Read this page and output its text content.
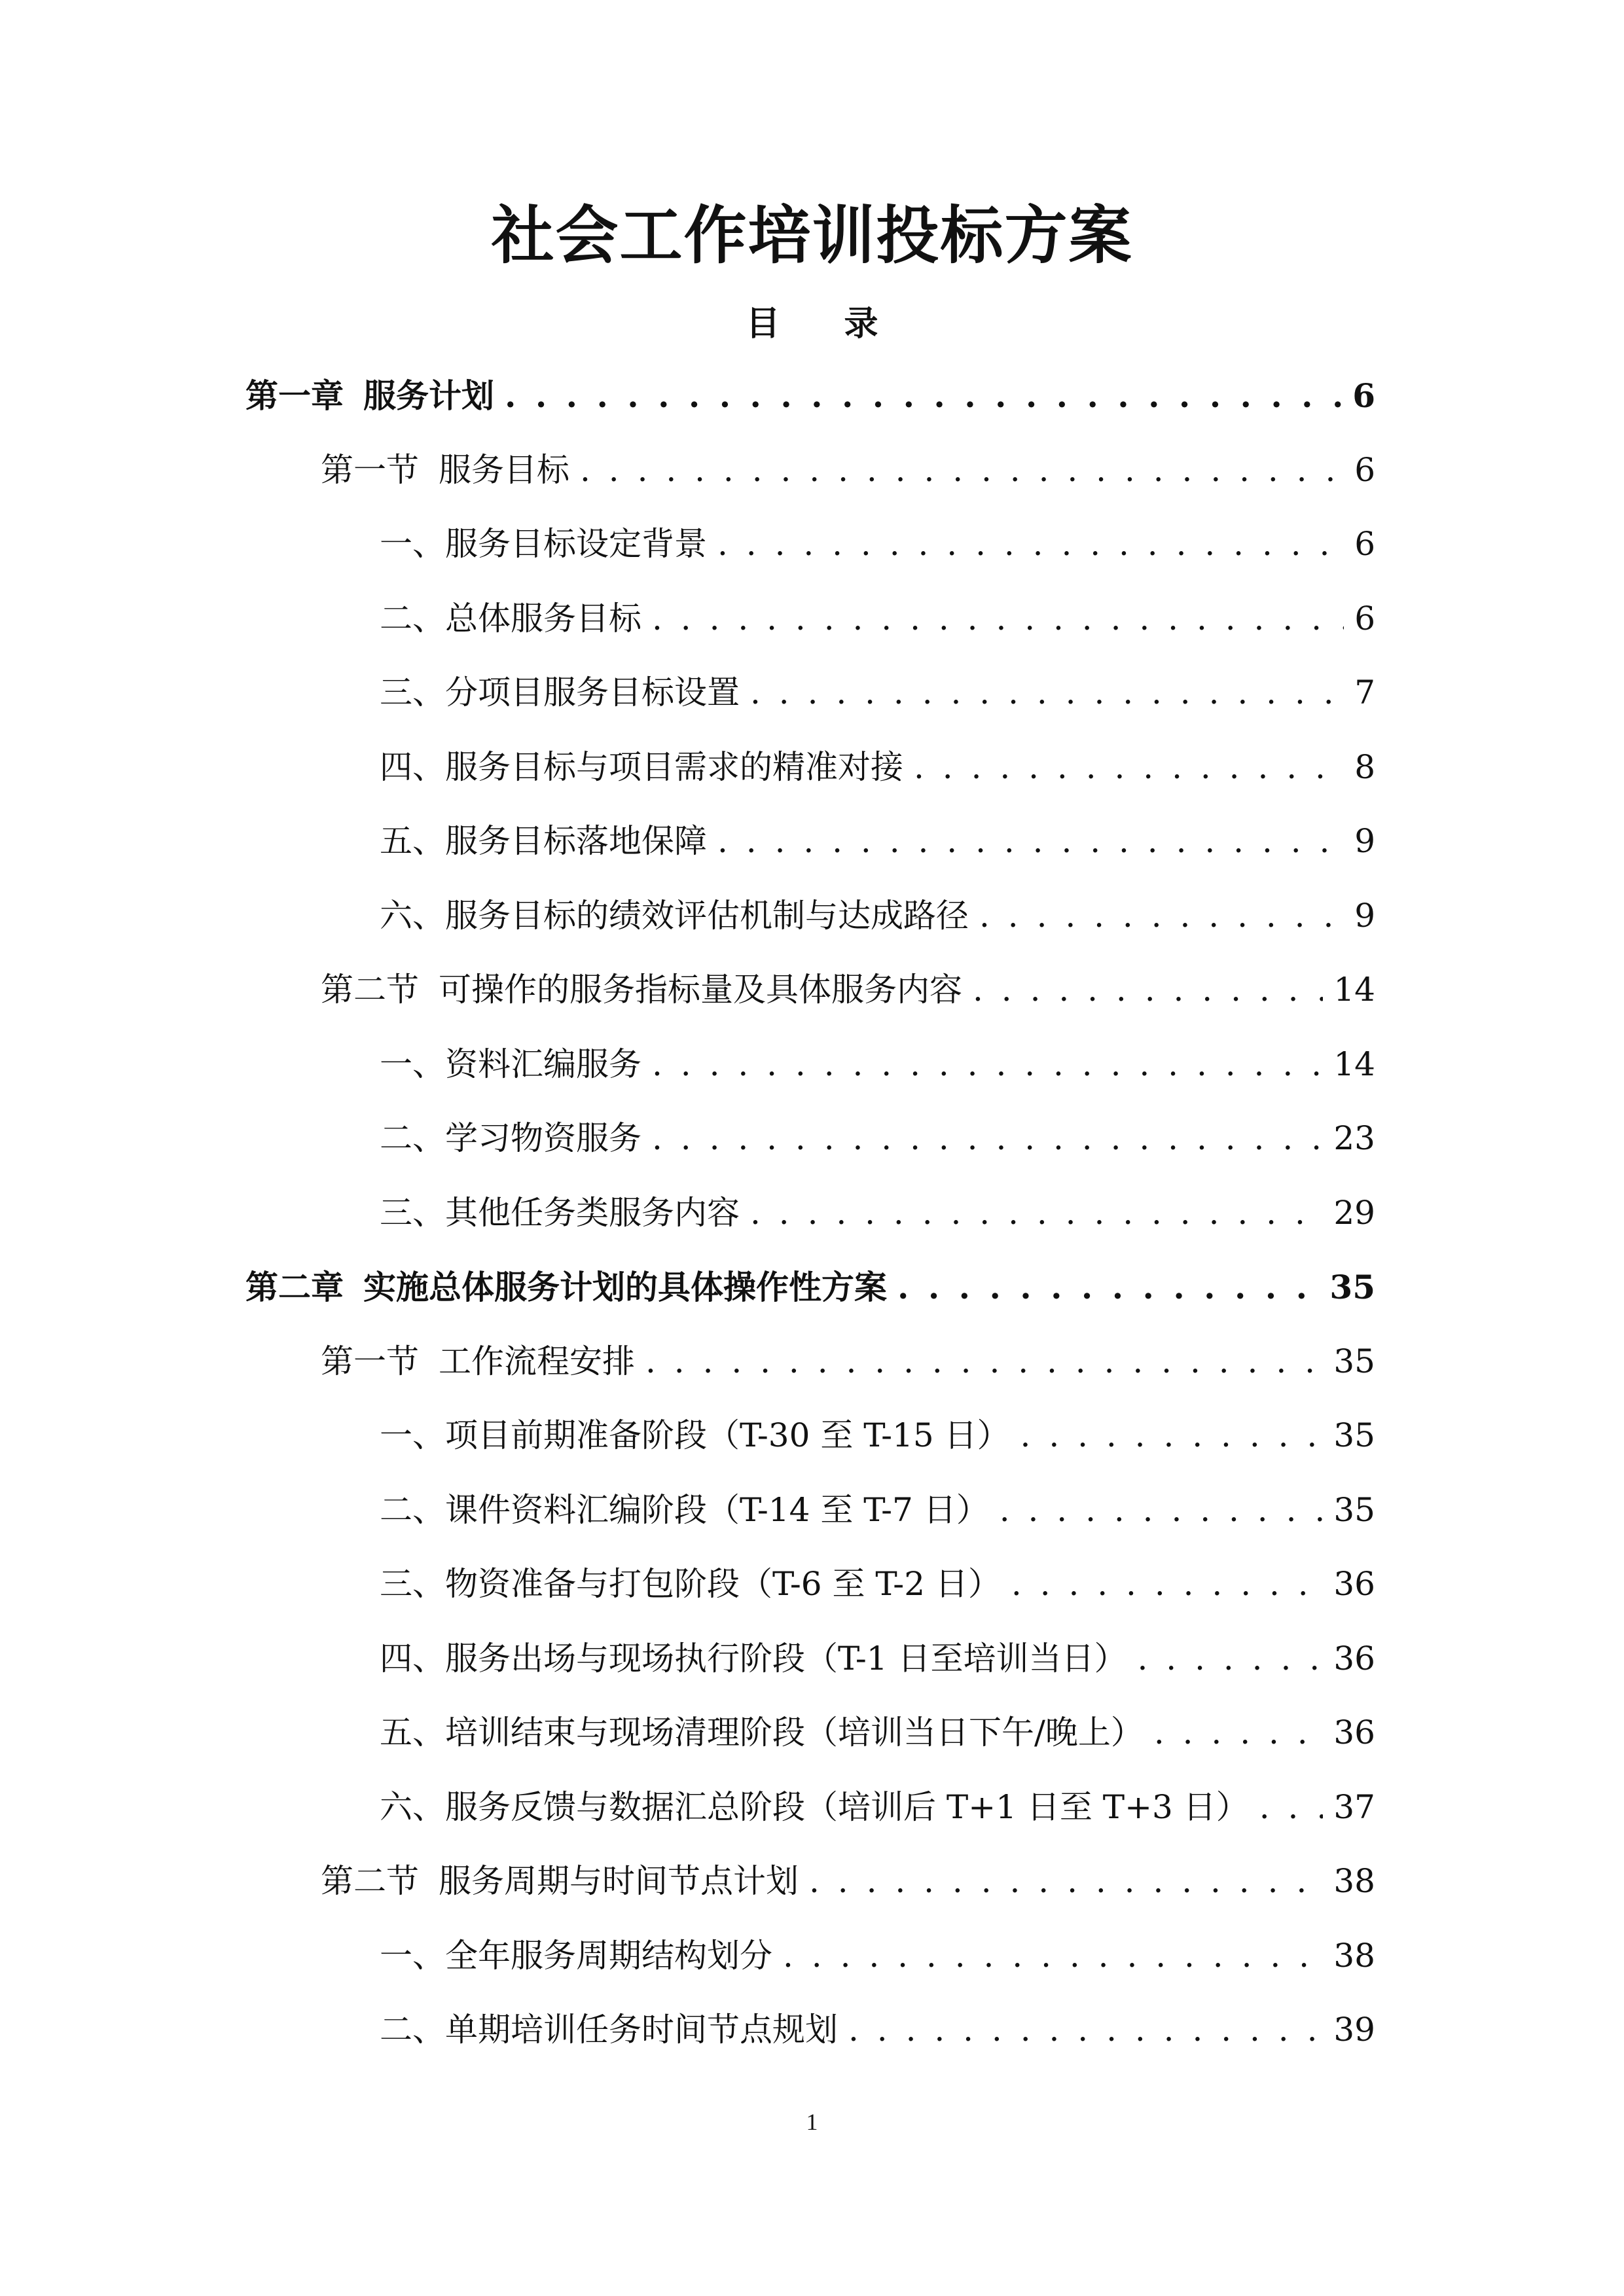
社会工作培训投标方案
目 录
第一章 服务计划 . . .	6
第一节 服务目标 . . .	6
一、服务目标设定背景 . . .	6
二、总体服务目标 . . .	6
三、分项目服务目标设置 . . .	7
四、服务目标与项目需求的精准对接 . . .	8
五、服务目标落地保障 . . .	9
六、服务目标的绩效评估机制与达成路径 . . .	9
第二节 可操作的服务指标量及具体服务内容 . . .	14
一、资料汇编服务 . . .	14
二、学习物资服务 . . .	23
三、其他任务类服务内容 . . .	29
第二章 实施总体服务计划的具体操作性方案 . . .	35
第一节 工作流程安排 . . .	35
一、项目前期准备阶段（T-30 至 T-15 日） . . .	35
二、课件资料汇编阶段（T-14 至 T-7 日） . . .	35
三、物资准备与打包阶段（T-6 至 T-2 日） . . .	36
四、服务出场与现场执行阶段（T-1 日至培训当日） . . .	36
五、培训结束与现场清理阶段（培训当日下午/晚上） . . .	36
六、服务反馈与数据汇总阶段（培训后 T+1 日至 T+3 日） . . .	37
第二节 服务周期与时间节点计划 . . .	38
一、全年服务周期结构划分 . . .	38
二、单期培训任务时间节点规划 . . .	39
1
